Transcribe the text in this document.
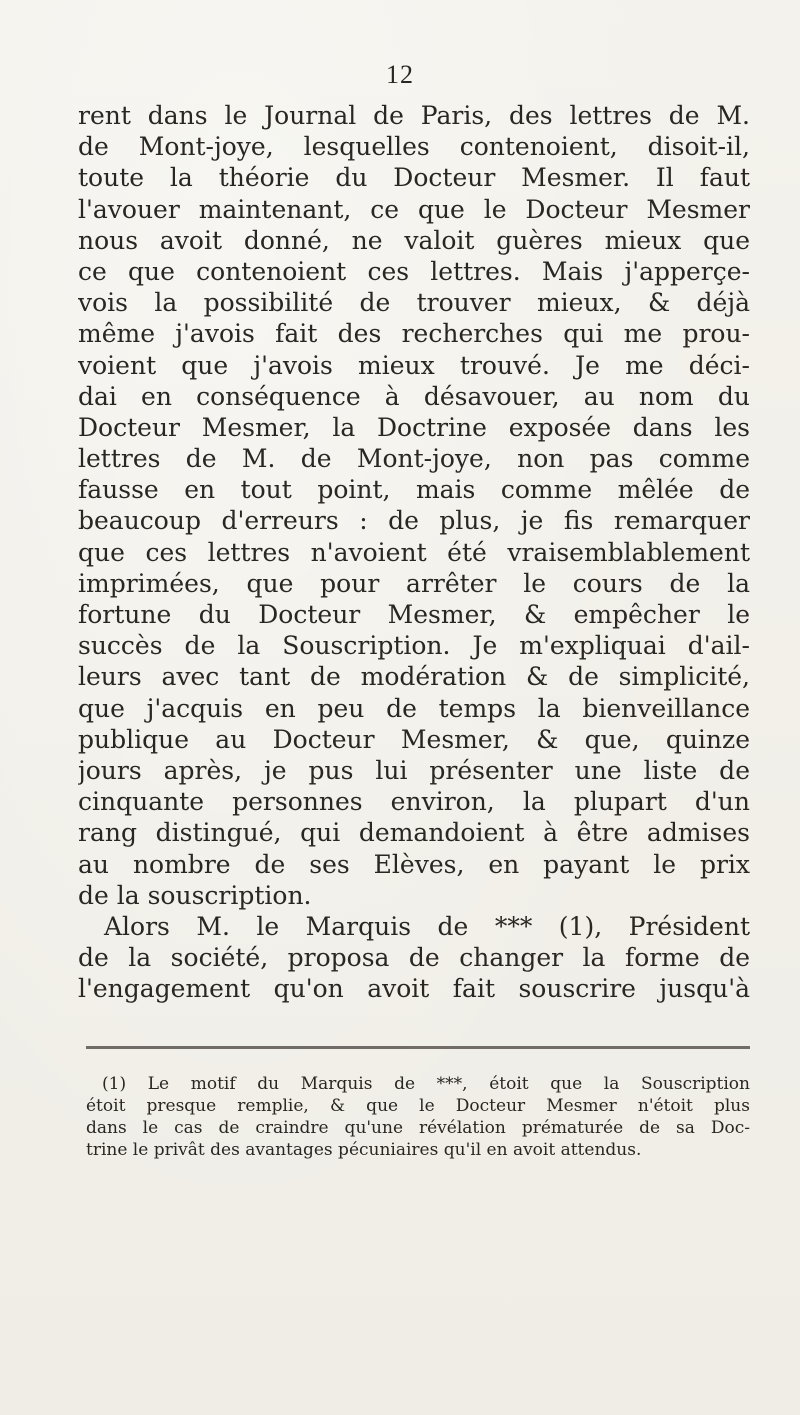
12
rent dans le Journal de Paris, des lettres de M.
de Mont-joye, lesquelles contenoient, disoit-il,
toute la théorie du Docteur Mesmer. Il faut
l'avouer maintenant, ce que le Docteur Mesmer
nous avoit donné, ne valoit guères mieux que
ce que contenoient ces lettres. Mais j'apperçe-
vois la possibilité de trouver mieux, & déjà
même j'avois fait des recherches qui me prou-
voient que j'avois mieux trouvé. Je me déci-
dai en conséquence à désavouer, au nom du
Docteur Mesmer, la Doctrine exposée dans les
lettres de M. de Mont-joye, non pas comme
fausse en tout point, mais comme mêlée de
beaucoup d'erreurs : de plus, je fis remarquer
que ces lettres n'avoient été vraisemblablement
imprimées, que pour arrêter le cours de la
fortune du Docteur Mesmer, & empêcher le
succès de la Souscription. Je m'expliquai d'ail-
leurs avec tant de modération & de simplicité,
que j'acquis en peu de temps la bienveillance
publique au Docteur Mesmer, & que, quinze
jours après, je pus lui présenter une liste de
cinquante personnes environ, la plupart d'un
rang distingué, qui demandoient à être admises
au nombre de ses Elèves, en payant le prix
de la souscription.
Alors M. le Marquis de *** (1), Président
de la société, proposa de changer la forme de
l'engagement qu'on avoit fait souscrire jusqu'à
(1) Le motif du Marquis de ***, étoit que la Souscription
étoit presque remplie, & que le Docteur Mesmer n'étoit plus
dans le cas de craindre qu'une révélation prématurée de sa Doc-
trine le privât des avantages pécuniaires qu'il en avoit attendus.
